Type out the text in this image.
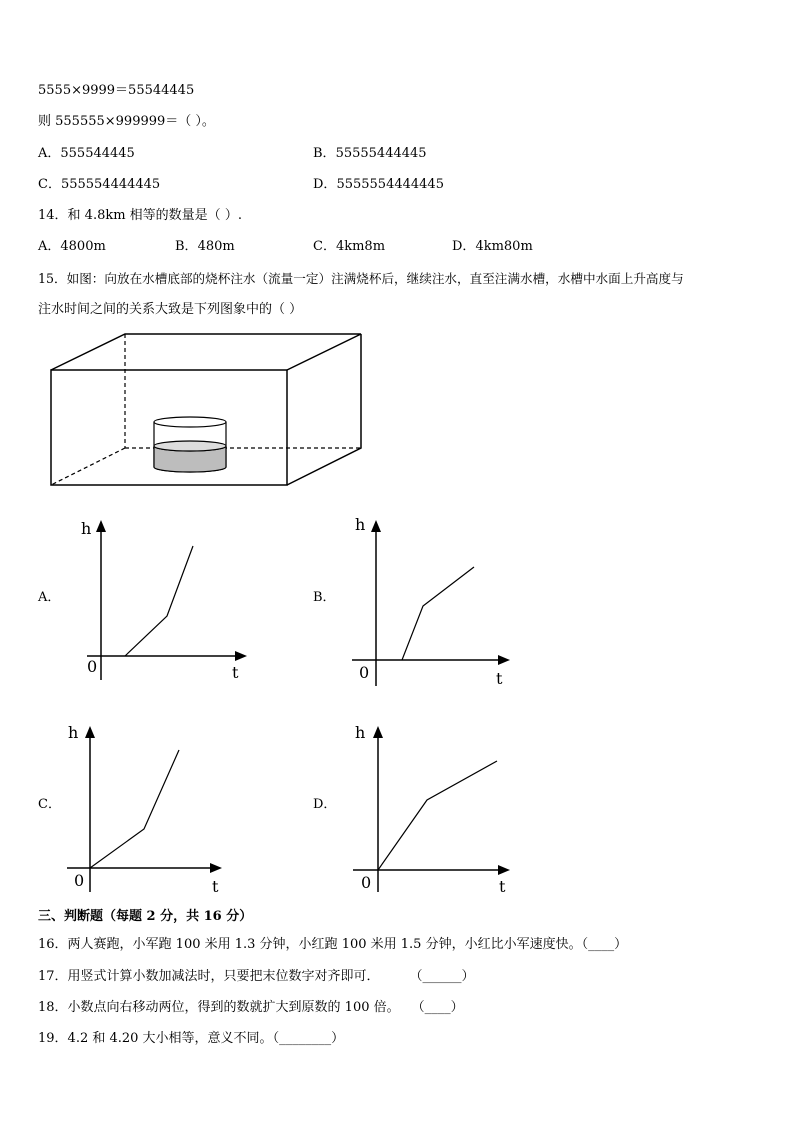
5555×9999＝55544445
则 555555×999999＝（ ）。
A．555544445	B．55555444445
C．555554444445	D．5555554444445
14．和 4.8km 相等的数量是（ ）.
A．4800m	B．480m	C．4km8m	D．4km80m
15．如图：向放在水槽底部的烧杯注水（流量一定）注满烧杯后，继续注水，直至注满水槽，水槽中水面上升高度与
注水时间之间的关系大致是下列图象中的（ ）
A．
h
t
0
B．
h
t
0
C．
h
t
0
D．
h
t
0
三、判断题（每题 2 分，共 16 分）
16．两人赛跑，小军跑 100 米用 1.3 分钟，小红跑 100 米用 1.5 分钟，小红比小军速度快。（____）
17．用竖式计算小数加减法时，只要把末位数字对齐即可． （______）
18．小数点向右移动两位，得到的数就扩大到原数的 100 倍。 （____）
19．4.2 和 4.20 大小相等，意义不同。（________）
